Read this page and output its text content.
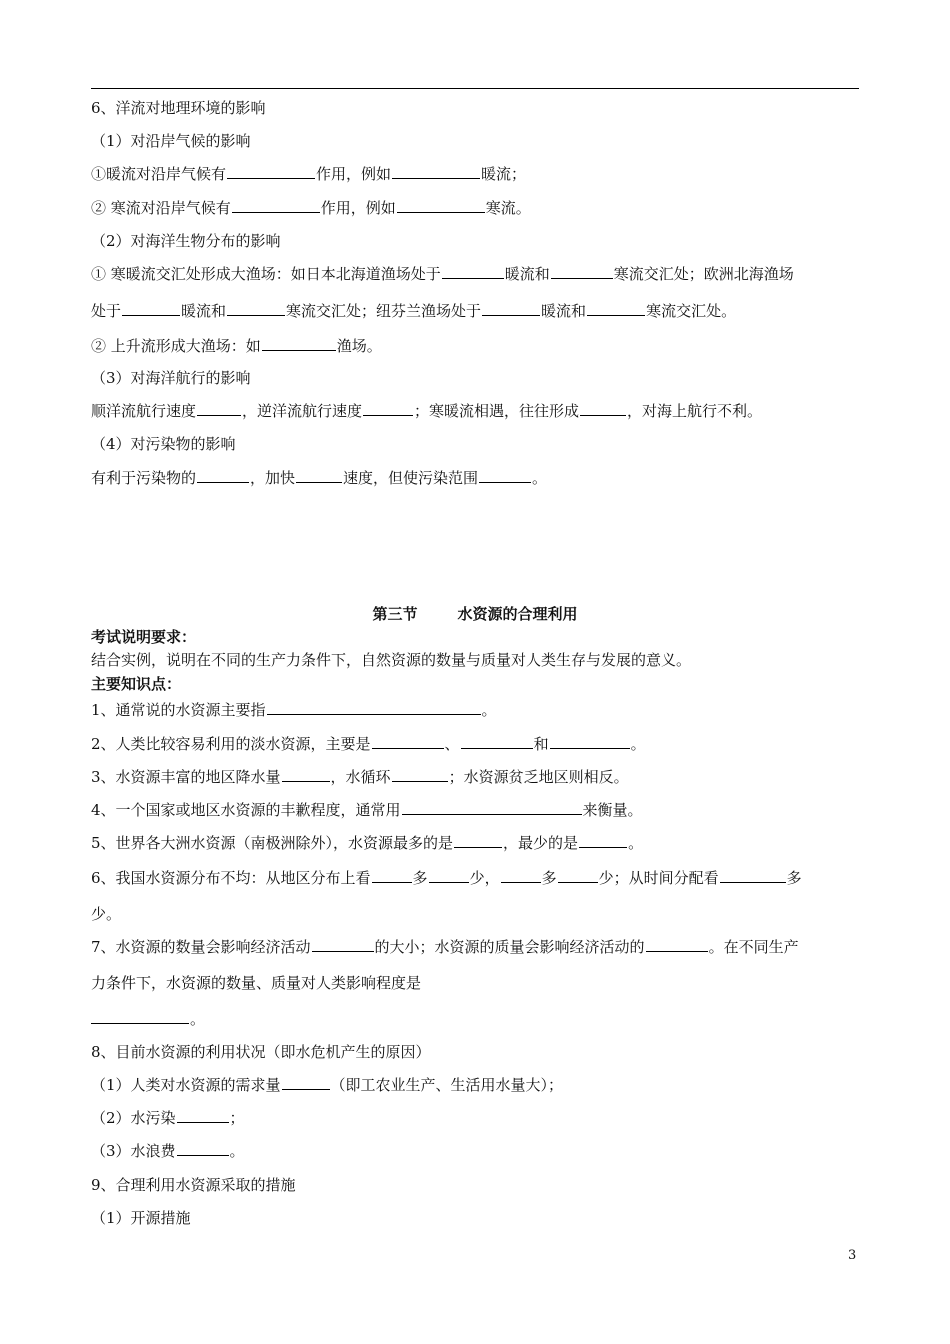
6、洋流对地理环境的影响
（1）对沿岸气候的影响
①暖流对沿岸气候有	作用，例如	暖流；
② 寒流对沿岸气候有	作用，例如	寒流。
（2）对海洋生物分布的影响
① 寒暖流交汇处形成大渔场：如日本北海道渔场处于	暖流和	寒流交汇处；欧洲北海渔场
处于	暖流和	寒流交汇处；纽芬兰渔场处于	暖流和	寒流交汇处。
② 上升流形成大渔场：如	渔场。
（3）对海洋航行的影响
顺洋流航行速度	，逆洋流航行速度	；寒暖流相遇，往往形成	，对海上航行不利。
（4）对污染物的影响
有利于污染物的	，加快	速度，但使污染范围	。
第三节	水资源的合理利用
考试说明要求：
结合实例，说明在不同的生产力条件下，自然资源的数量与质量对人类生存与发展的意义。
主要知识点：
1、通常说的水资源主要指	。
2、人类比较容易利用的淡水资源，主要是	、	和	。
3、水资源丰富的地区降水量	，水循环	；水资源贫乏地区则相反。
4、一个国家或地区水资源的丰歉程度，通常用	来衡量。
5、世界各大洲水资源（南极洲除外），水资源最多的是	，最少的是	。
6、我国水资源分布不均：从地区分布上看	多	少，	多	少；从时间分配看	多
少。
7、水资源的数量会影响经济活动	的大小；水资源的质量会影响经济活动的	。在不同生产
力条件下，水资源的数量、质量对人类影响程度是
。
8、目前水资源的利用状况（即水危机产生的原因）
（1）人类对水资源的需求量	（即工农业生产、生活用水量大）；
（2）水污染	；
（3）水浪费	。
9、合理利用水资源采取的措施
（1）开源措施
3
